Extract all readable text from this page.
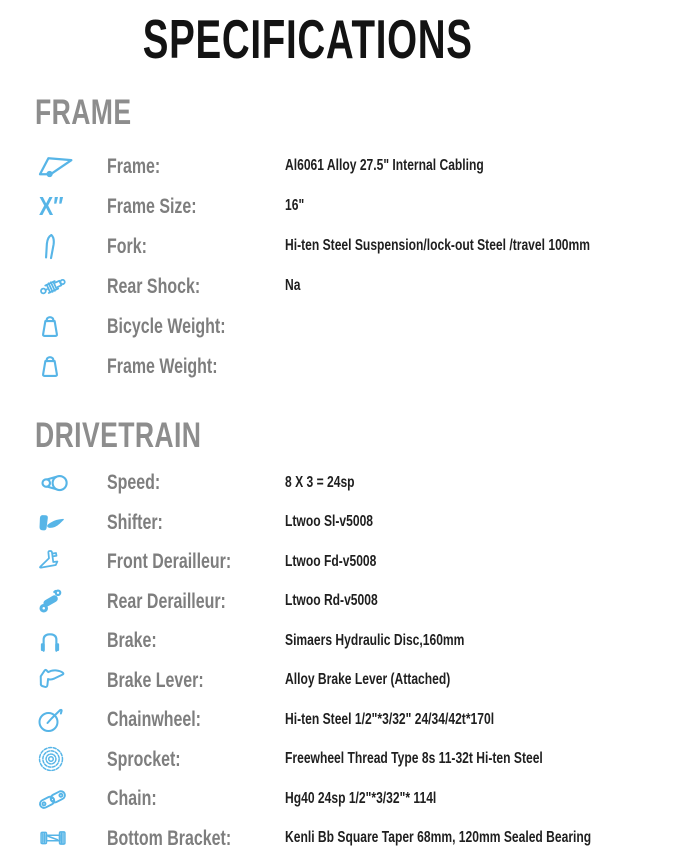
SPECIFICATIONS
FRAME
Frame:	Al6061 Alloy 27.5" Internal Cabling
X″ Frame Size:	16"
Fork:	Hi-ten Steel Suspension/lock-out Steel /travel 100mm
Rear Shock:	Na
Bicycle Weight:
Frame Weight:
DRIVETRAIN
Speed:	8 X 3 = 24sp
Shifter:	Ltwoo Sl-v5008
Front Derailleur:	Ltwoo Fd-v5008
Rear Derailleur:	Ltwoo Rd-v5008
Brake:	Simaers Hydraulic Disc,160mm
Brake Lever:	Alloy Brake Lever (Attached)
Chainwheel:	Hi-ten Steel 1/2"*3/32" 24/34/42t*170l
Sprocket:	Freewheel Thread Type 8s 11-32t Hi-ten Steel
Chain:	Hg40 24sp 1/2"*3/32"* 114l
Bottom Bracket:	Kenli Bb Square Taper 68mm, 120mm Sealed Bearing
